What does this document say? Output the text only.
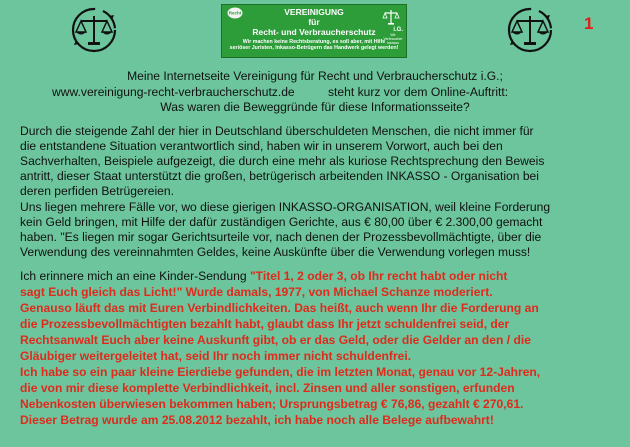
Recht	VEREINIGUNG
für
Recht- und Verbraucherschutz	i.G.
Wir Verbraucher Inkasso
Wir machen keine Rechtsberatung, es soll aber, mit Hilfe
seriöser Juristen, Inkasso-Betrügern das Handwerk gelegt werden!
1

Meine Internetseite Vereinigung für Recht und Verbraucherschutz i.G.;

www.vereinigung-recht-verbraucherschutz.de	steht kurz vor dem Online-Auftritt:

Was waren die Beweggründe für diese Informationsseite?

Durch die steigende Zahl der hier in Deutschland überschuldeten Menschen, die nicht immer für

die entstandene Situation verantwortlich sind, haben wir in unserem Vorwort, auch bei den

Sachverhalten, Beispiele aufgezeigt, die durch eine mehr als kuriose Rechtsprechung den Beweis

antritt, dieser Staat unterstützt die großen, betrügerisch arbeitenden INKASSO - Organisation bei

deren perfiden Betrügereien.

Uns liegen mehrere Fälle vor, wo diese gierigen INKASSO-ORGANISATION, weil kleine Forderung

kein Geld bringen, mit Hilfe der dafür zuständigen Gerichte, aus € 80,00 über € 2.300,00 gemacht

haben. "Es liegen mir sogar Gerichtsurteile vor, nach denen der Prozessbevollmächtigte, über die

Verwendung des vereinnahmten Geldes, keine Auskünfte über die Verwendung vorlegen muss!

Ich erinnere mich an eine Kinder-Sendung "Titel 1, 2 oder 3, ob Ihr recht habt oder nicht

sagt Euch gleich das Licht!" Wurde damals, 1977, von Michael Schanze moderiert.

Genauso läuft das mit Euren Verbindlichkeiten. Das heißt, auch wenn Ihr die Forderung an

die Prozessbevollmächtigten bezahlt habt, glaubt dass Ihr jetzt schuldenfrei seid, der

Rechtsanwalt Euch aber keine Auskunft gibt, ob er das Geld, oder die Gelder an den / die

Gläubiger weitergeleitet hat, seid Ihr noch immer nicht schuldenfrei.

Ich habe so ein paar kleine Eierdiebe gefunden, die im letzten Monat, genau vor 12-Jahren,

die von mir diese komplette Verbindlichkeit, incl. Zinsen und aller sonstigen, erfunden

Nebenkosten überwiesen bekommen haben; Ursprungsbetrag € 76,86, gezahlt € 270,61.

Dieser Betrag wurde am 25.08.2012 bezahlt, ich habe noch alle Belege aufbewahrt!
